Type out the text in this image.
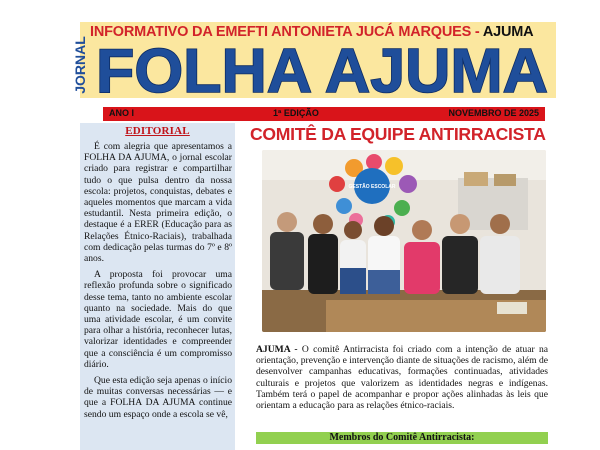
JORNAL
INFORMATIVO DA EMEFTI ANTONIETA JUCÁ MARQUES - AJUMA
FOLHA AJUMA
ANO I	1ª EDIÇÃO	NOVEMBRO DE 2025
EDITORIAL

É com alegria que apresentamos a FOLHA DA AJUMA, o jornal escolar criado para registrar e compartilhar tudo o que pulsa dentro da nossa escola: projetos, conquistas, debates e aqueles momentos que marcam a vida estudantil. Nesta primeira edição, o destaque é a ERER (Educação para as Relações Étnico-Raciais), trabalhada com dedicação pelas turmas do 7º e 8º anos.

A proposta foi provocar uma reflexão profunda sobre o significado desse tema, tanto no ambiente escolar quanto na sociedade. Mais do que uma atividade escolar, é um convite para olhar a história, reconhecer lutas, valorizar identidades e compreender que a consciência é um compromisso diário.

Que esta edição seja apenas o início de muitas conversas necessárias — e que a FOLHA DA AJUMA continue sendo um espaço onde a escola se vê,

COMITÊ DA EQUIPE ANTIRRACISTA
GESTÃO ESCOLAR
AJUMA - O comitê Antirracista foi criado com a intenção de atuar na orientação, prevenção e intervenção diante de situações de racismo, além de desenvolver campanhas educativas, formações continuadas, atividades culturais e projetos que valorizem as identidades negras e indígenas. Também terá o papel de acompanhar e propor ações alinhadas às leis que orientam a educação para as relações étnico-raciais.
Membros do Comitê Antirracista:
